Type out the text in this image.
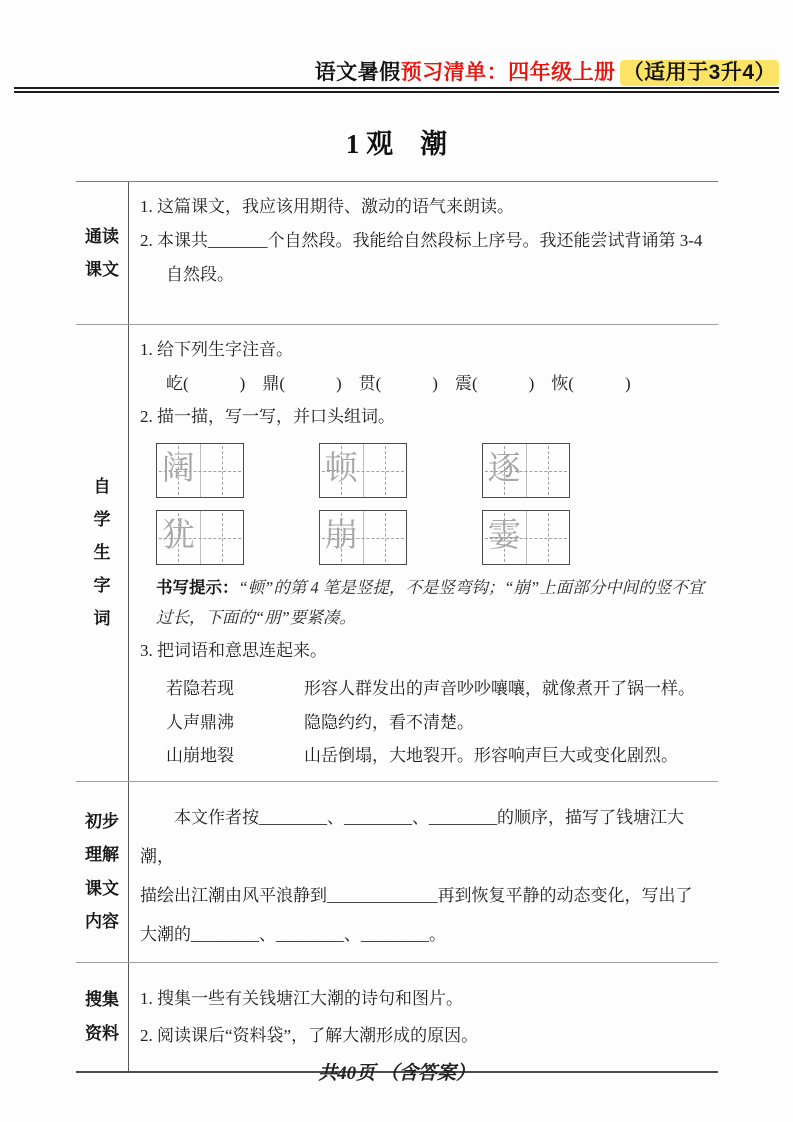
语文暑假预习清单：四年级上册 （适用于3升4）
1 观　潮
通读
课文
1. 这篇课文，我应该用期待、激动的语气来朗读。
2. 本课共_______个自然段。我能给自然段标上序号。我还能尝试背诵第 3-4 自然段。
自
学
生
字
词
1. 给下列生字注音。
屹(　　　)　鼎(　　　)　贯(　　　)　震(　　　)　恢(　　　)
2. 描一描，写一写，并口头组词。
阔	顿	逐
犹	崩	霎
书写提示：“顿”的第 4 笔是竖提，不是竖弯钩；“崩”上面部分中间的竖不宜过长，下面的“朋”要紧凑。
3. 把词语和意思连起来。
若隐若现	形容人群发出的声音吵吵嚷嚷，就像煮开了锅一样。
人声鼎沸	隐隐约约，看不清楚。
山崩地裂	山岳倒塌，大地裂开。形容响声巨大或变化剧烈。
初步
理解
课文
内容
本文作者按________、________、________的顺序，描写了钱塘江大潮，
描绘出江潮由风平浪静到_____________再到恢复平静的动态变化，写出了
大潮的________、________、________。
搜集
资料
1. 搜集一些有关钱塘江大潮的诗句和图片。
2. 阅读课后“资料袋”，了解大潮形成的原因。
共40页 （含答案）
